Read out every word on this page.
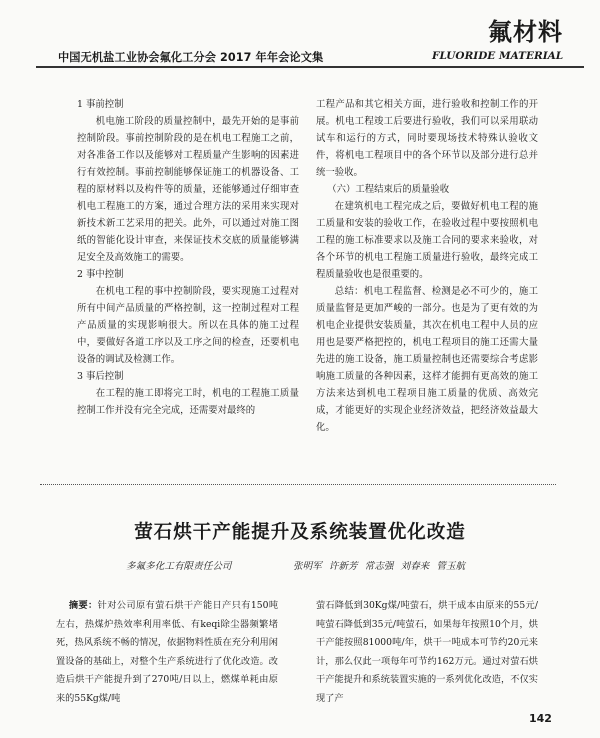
中国无机盐工业协会氟化工分会 2017 年年会论文集
氟材料
FLUORIDE MATERIAL

1 事前控制

机电施工阶段的质量控制中，最先开始的是事前控制阶段。事前控制阶段的是在机电工程施工之前，对各准备工作以及能够对工程质量产生影响的因素进行有效控制。事前控制能够保证施工的机器设备、工程的原材料以及构件等的质量，还能够通过仔细审查机电工程施工的方案，通过合理方法的采用来实现对新技术新工艺采用的把关。此外，可以通过对施工图纸的智能化设计审查，来保证技术交底的质量能够满足安全及高效施工的需要。

2 事中控制

在机电工程的事中控制阶段，要实现施工过程对所有中间产品质量的严格控制，这一控制过程对工程产品质量的实现影响很大。所以在具体的施工过程中，要做好各道工序以及工序之间的检查，还要机电设备的调试及检测工作。

3 事后控制

在工程的施工即将完工时，机电的工程施工质量控制工作并没有完全完成，还需要对最终的

工程产品和其它相关方面，进行验收和控制工作的开展。机电工程竣工后要进行验收，我们可以采用联动试车和运行的方式，同时要现场技术特殊认验收文件，将机电工程项目中的各个环节以及部分进行总并统一验收。

（六）工程结束后的质量验收

在建筑机电工程完成之后，要做好机电工程的施工质量和安装的验收工作，在验收过程中要按照机电工程的施工标准要求以及施工合同的要求来验收，对各个环节的机电工程施工质量进行验收，最终完成工程质量验收也是很重要的。

总结：机电工程监督、检测是必不可少的，施工质量监督是更加严峻的一部分。也是为了更有效的为机电企业提供安装质量，其次在机电工程中人员的应用也是要严格把控的，机电工程项目的施工还需大量先进的施工设备，施工质量控制也还需要综合考虑影响施工质量的各种因素，这样才能拥有更高效的施工方法来达到机电工程项目施工质量的优质、高效完成，才能更好的实现企业经济效益，把经济效益最大化。

萤石烘干产能提升及系统装置优化改造
多氟多化工有限责任公司	张明军 许新芳 常志强 刘春来 管玉航

摘要：针对公司原有萤石烘干产能日产只有150吨左右，热煤炉热效率利用率低、有keqi除尘器频繁堵死，热风系统不畅的情况，依据物料性质在充分利用闲置设备的基础上，对整个生产系统进行了优化改造。改造后烘干产能提升到了270吨/日以上，燃煤单耗由原来的55Kg煤/吨

萤石降低到30Kg煤/吨萤石，烘干成本由原来的55元/吨萤石降低到35元/吨萤石，如果每年按照10个月，烘干产能按照81000吨/年，烘干一吨成本可节约20元来计，那么仅此一项每年可节约162万元。通过对萤石烘干产能提升和系统装置实施的一系列优化改造，不仅实现了产

142
